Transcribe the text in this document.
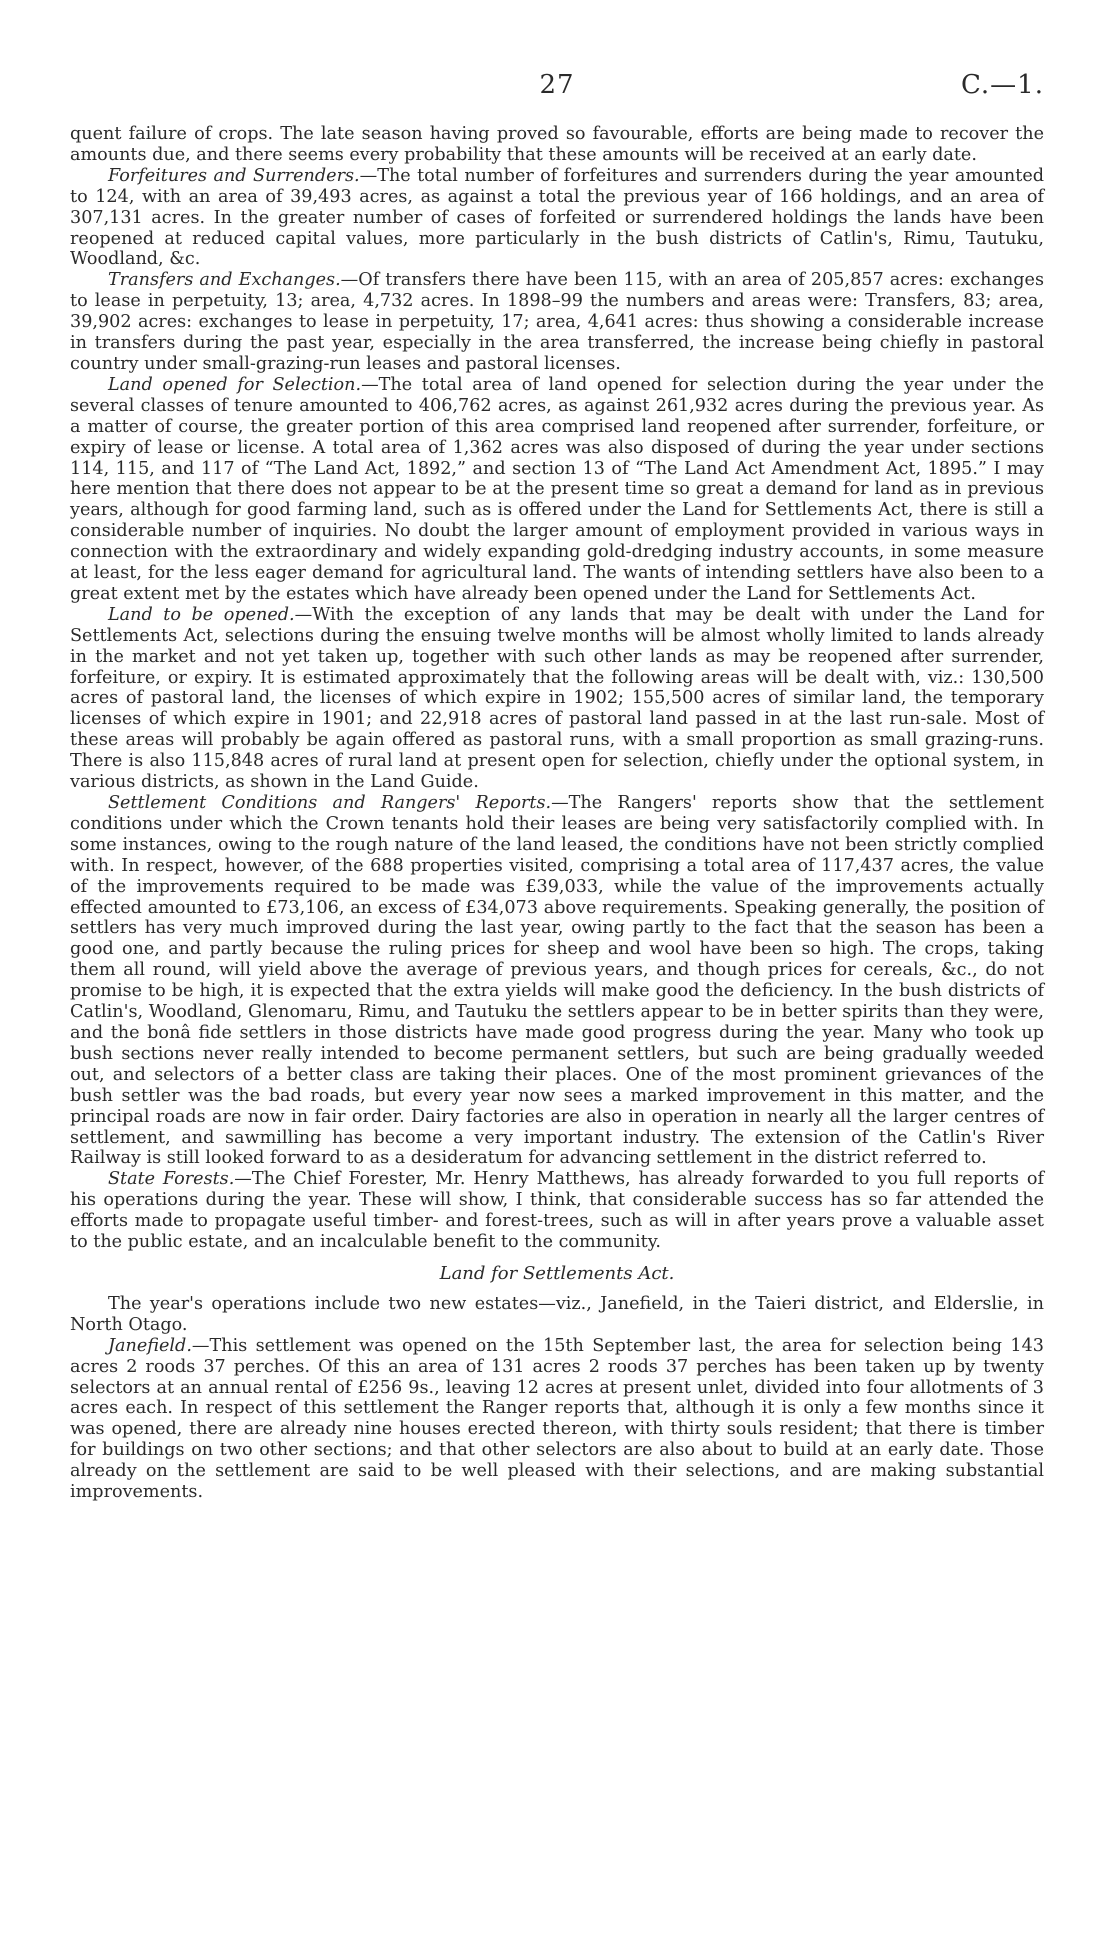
27	C.—1.

quent failure of crops. The late season having proved so favourable, efforts are being made to recover the amounts due, and there seems every probability that these amounts will be received at an early date.

Forfeitures and Surrenders.—The total number of forfeitures and surrenders during the year amounted to 124, with an area of 39,493 acres, as against a total the previous year of 166 holdings, and an area of 307,131 acres. In the greater number of cases of forfeited or surrendered holdings the lands have been reopened at reduced capital values, more particularly in the bush districts of Catlin's, Rimu, Tautuku, Woodland, &c.

Transfers and Exchanges.—Of transfers there have been 115, with an area of 205,857 acres: exchanges to lease in perpetuity, 13; area, 4,732 acres. In 1898–99 the numbers and areas were: Transfers, 83; area, 39,902 acres: exchanges to lease in perpetuity, 17; area, 4,641 acres: thus showing a considerable increase in transfers during the past year, especially in the area transferred, the increase being chiefly in pastoral country under small-grazing-run leases and pastoral licenses.

Land opened for Selection.—The total area of land opened for selection during the year under the several classes of tenure amounted to 406,762 acres, as against 261,932 acres during the previous year. As a matter of course, the greater portion of this area comprised land reopened after surrender, forfeiture, or expiry of lease or license. A total area of 1,362 acres was also disposed of during the year under sections 114, 115, and 117 of “The Land Act, 1892,” and section 13 of “The Land Act Amendment Act, 1895.” I may here mention that there does not appear to be at the present time so great a demand for land as in previous years, although for good farming land, such as is offered under the Land for Settlements Act, there is still a considerable number of inquiries. No doubt the larger amount of employment provided in various ways in connection with the extraordinary and widely expanding gold-dredging industry accounts, in some measure at least, for the less eager demand for agricultural land. The wants of intending settlers have also been to a great extent met by the estates which have already been opened under the Land for Settlements Act.

Land to be opened.—With the exception of any lands that may be dealt with under the Land for Settlements Act, selections during the ensuing twelve months will be almost wholly limited to lands already in the market and not yet taken up, together with such other lands as may be reopened after surrender, forfeiture, or expiry. It is estimated approximately that the following areas will be dealt with, viz.: 130,500 acres of pastoral land, the licenses of which expire in 1902; 155,500 acres of similar land, the temporary licenses of which expire in 1901; and 22,918 acres of pastoral land passed in at the last run-sale. Most of these areas will probably be again offered as pastoral runs, with a small proportion as small grazing-runs. There is also 115,848 acres of rural land at present open for selection, chiefly under the optional system, in various districts, as shown in the Land Guide.

Settlement Conditions and Rangers' Reports.—The Rangers' reports show that the settlement conditions under which the Crown tenants hold their leases are being very satisfactorily complied with. In some instances, owing to the rough nature of the land leased, the conditions have not been strictly complied with. In respect, however, of the 688 properties visited, comprising a total area of 117,437 acres, the value of the improvements required to be made was £39,033, while the value of the improvements actually effected amounted to £73,106, an excess of £34,073 above requirements. Speaking generally, the position of settlers has very much improved during the last year, owing partly to the fact that the season has been a good one, and partly because the ruling prices for sheep and wool have been so high. The crops, taking them all round, will yield above the average of previous years, and though prices for cereals, &c., do not promise to be high, it is expected that the extra yields will make good the deficiency. In the bush districts of Catlin's, Woodland, Glenomaru, Rimu, and Tautuku the settlers appear to be in better spirits than they were, and the bonâ fide settlers in those districts have made good progress during the year. Many who took up bush sections never really intended to become permanent settlers, but such are being gradually weeded out, and selectors of a better class are taking their places. One of the most prominent grievances of the bush settler was the bad roads, but every year now sees a marked improvement in this matter, and the principal roads are now in fair order. Dairy factories are also in operation in nearly all the larger centres of settlement, and sawmilling has become a very important industry. The extension of the Catlin's River Railway is still looked forward to as a desideratum for advancing settlement in the district referred to.

State Forests.—The Chief Forester, Mr. Henry Matthews, has already forwarded to you full reports of his operations during the year. These will show, I think, that considerable success has so far attended the efforts made to propagate useful timber- and forest-trees, such as will in after years prove a valuable asset to the public estate, and an incalculable benefit to the community.

Land for Settlements Act.

The year's operations include two new estates—viz., Janefield, in the Taieri district, and Elderslie, in North Otago.

Janefield.—This settlement was opened on the 15th September last, the area for selection being 143 acres 2 roods 37 perches. Of this an area of 131 acres 2 roods 37 perches has been taken up by twenty selectors at an annual rental of £256 9s., leaving 12 acres at present unlet, divided into four allotments of 3 acres each. In respect of this settlement the Ranger reports that, although it is only a few months since it was opened, there are already nine houses erected thereon, with thirty souls resident; that there is timber for buildings on two other sections; and that other selectors are also about to build at an early date. Those already on the settlement are said to be well pleased with their selections, and are making substantial improvements.
